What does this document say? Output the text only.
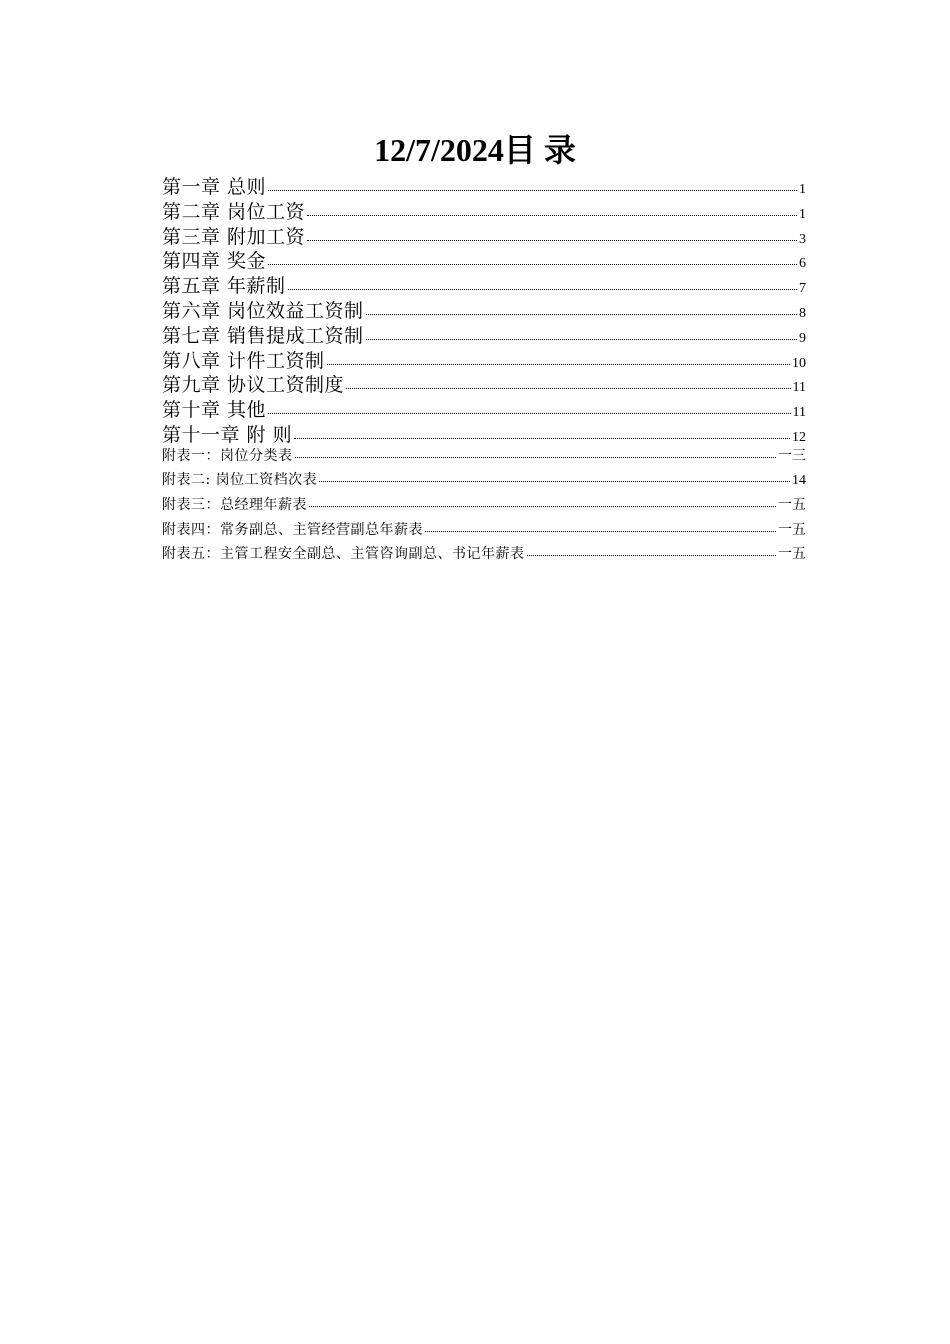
12/7/2024目 录
第一章 总则	1
第二章 岗位工资	1
第三章 附加工资	3
第四章 奖金	6
第五章 年薪制	7
第六章 岗位效益工资制	8
第七章 销售提成工资制	9
第八章 计件工资制	10
第九章 协议工资制度	11
第十章 其他	11
第十一章 附 则	12
附表一：岗位分类表	一三
附表二: 岗位工资档次表	14
附表三：总经理年薪表	一五
附表四：常务副总、主管经营副总年薪表	一五
附表五：主管工程安全副总、主管咨询副总、书记年薪表	一五
